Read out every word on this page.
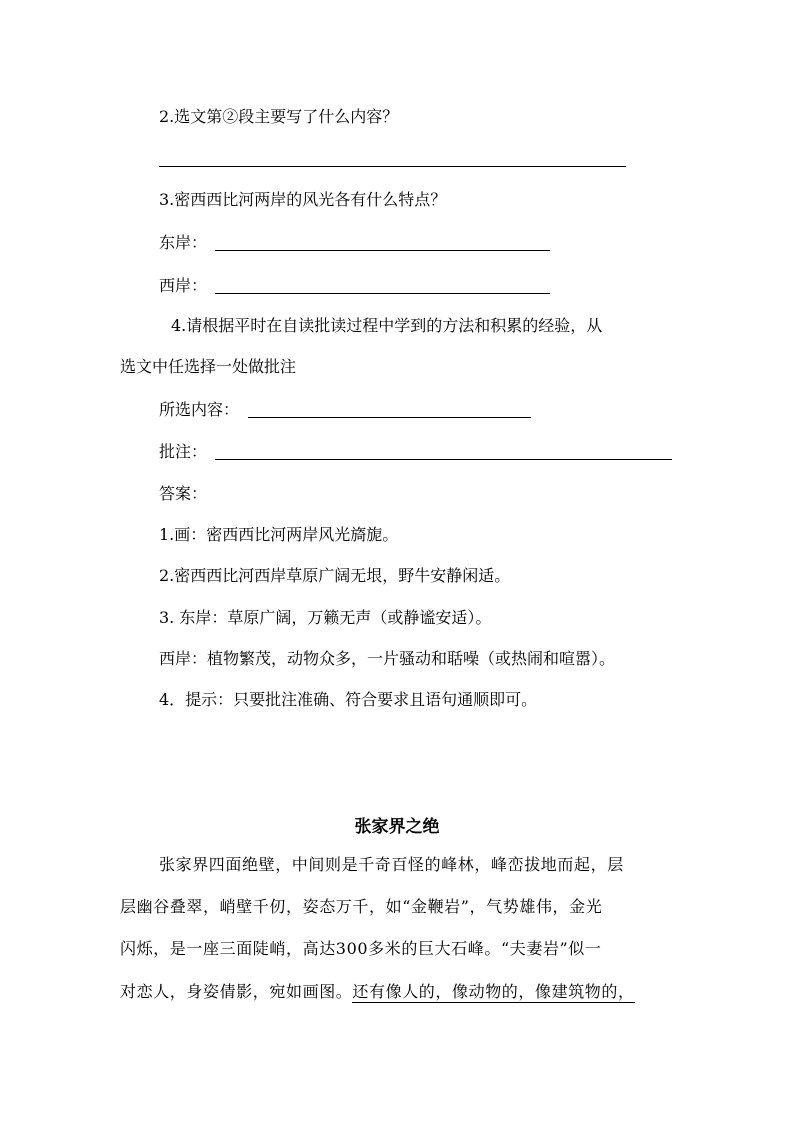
2.选文第②段主要写了什么内容？
3.密西西比河两岸的风光各有什么特点？
东岸：
西岸：
4.请根据平时在自读批读过程中学到的方法和积累的经验，从
选文中任选择一处做批注
所选内容：
批注：
答案：
1.画：密西西比河两岸风光旖旎。
2.密西西比河西岸草原广阔无垠，野牛安静闲适。
3. 东岸：草原广阔，万籁无声（或静谧安适）。
西岸：植物繁茂，动物众多，一片骚动和聒噪（或热闹和喧嚣）。
4．提示：只要批注准确、符合要求且语句通顺即可。
张家界之绝
张家界四面绝壁，中间则是千奇百怪的峰林，峰峦拔地而起，层
层幽谷叠翠，峭壁千仞，姿态万千，如“金鞭岩”，气势雄伟，金光
闪烁，是一座三面陡峭，高达300多米的巨大石峰。“夫妻岩”似一
对恋人，身姿倩影，宛如画图。还有像人的，像动物的，像建筑物的，
